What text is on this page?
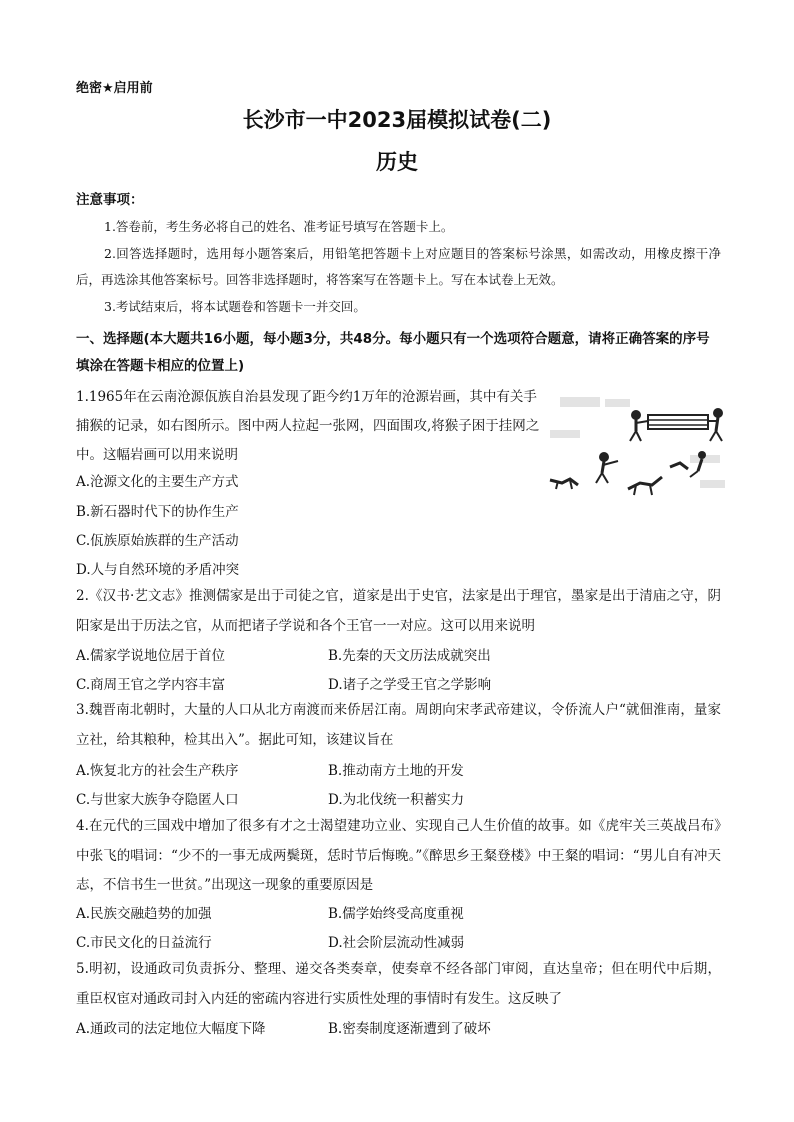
绝密★启用前
长沙市一中2023届模拟试卷(二)
历史
注意事项：

1.答卷前，考生务必将自己的姓名、准考证号填写在答题卡上。

2.回答选择题时，选用每小题答案后，用铅笔把答题卡上对应题目的答案标号涂黑，如需改动，用橡皮擦干净后，再选涂其他答案标号。回答非选择题时，将答案写在答题卡上。写在本试卷上无效。

3.考试结束后，将本试题卷和答题卡一并交回。

一、选择题(本大题共16小题，每小题3分，共48分。每小题只有一个选项符合题意，请将正确答案的序号填涂在答题卡相应的位置上)

1.1965年在云南沧源佤族自治县发现了距今约1万年的沧源岩画，其中有关手捕猴的记录，如右图所示。图中两人拉起一张网，四面围攻,将猴子困于挂网之中。这幅岩画可以用来说明

A.沧源文化的主要生产方式
B.新石器时代下的协作生产
C.佤族原始族群的生产活动
D.人与自然环境的矛盾冲突

2.《汉书·艺文志》推测儒家是出于司徒之官，道家是出于史官，法家是出于理官，墨家是出于清庙之守，阴阳家是出于历法之官，从而把诸子学说和各个王官一一对应。这可以用来说明

A.儒家学说地位居于首位	B.先秦的天文历法成就突出
C.商周王官之学内容丰富	D.诸子之学受王官之学影响

3.魏晋南北朝时，大量的人口从北方南渡而来侨居江南。周朗向宋孝武帝建议，令侨流人户“就佃淮南，量家立社，给其粮种，检其出入”。据此可知，该建议旨在

A.恢复北方的社会生产秩序	B.推动南方土地的开发
C.与世家大族争夺隐匿人口	D.为北伐统一积蓄实力

4.在元代的三国戏中增加了很多有才之士渴望建功立业、实现自己人生价值的故事。如《虎牢关三英战吕布》中张飞的唱词：“少不的一事无成两鬓斑，恁时节后悔晚。”《醉思乡王粲登楼》中王粲的唱词：“男儿自有冲天志，不信书生一世贫。”出现这一现象的重要原因是

A.民族交融趋势的加强	B.儒学始终受高度重视
C.市民文化的日益流行	D.社会阶层流动性减弱

5.明初，设通政司负责拆分、整理、递交各类奏章，使奏章不经各部门审阅，直达皇帝；但在明代中后期，重臣权宦对通政司封入内廷的密疏内容进行实质性处理的事情时有发生。这反映了

A.通政司的法定地位大幅度下降	B.密奏制度逐渐遭到了破坏
